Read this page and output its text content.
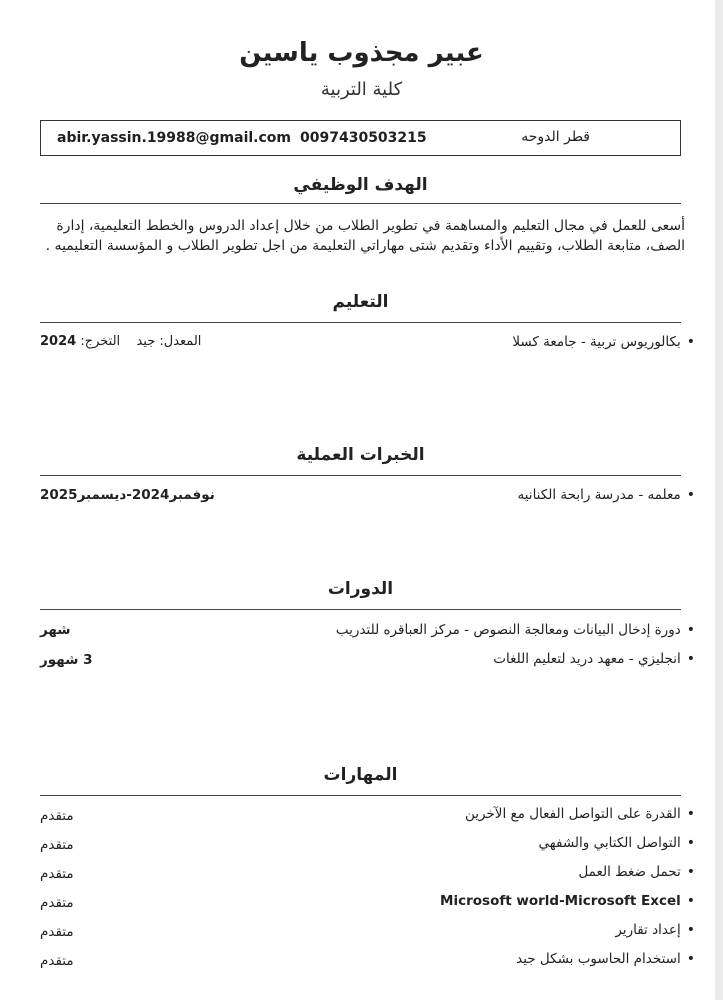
عبير مجذوب ياسين
كلية التربية
abir.yassin.19988@gmail.com 0097430503215	قطر الدوحه
الهدف الوظيفي
أسعى للعمل في مجال التعليم والمساهمة في تطوير الطلاب من خلال إعداد الدروس والخطط التعليمية، إدارة الصف، متابعة الطلاب، وتقييم الأداء وتقديم شتى مهاراتي التعليمة من اجل تطوير الطلاب و المؤسسة التعليميه .
التعليم
•بكالوريوس تربية - جامعة كسلا
المعدل: جيد  التخرج: 2024
الخبرات العملية
•معلمه - مدرسة رابحة الكنانيه
نوفمبر2024-ديسمبر2025
الدورات
•دورة إدخال البيانات ومعالجة النصوص - مركز العباقره للتدريب
شهر
•انجليزي - معهد دريد لتعليم اللغات
3 شهور
المهارات
•القدرة على التواصل الفعال مع الآخرين
متقدم
•التواصل الكتابي والشفهي
متقدم
•تحمل ضغط العمل
متقدم
•Microsoft world-Microsoft Excel
متقدم
•إعداد تقارير
متقدم
•استخدام الحاسوب بشكل جيد
متقدم
